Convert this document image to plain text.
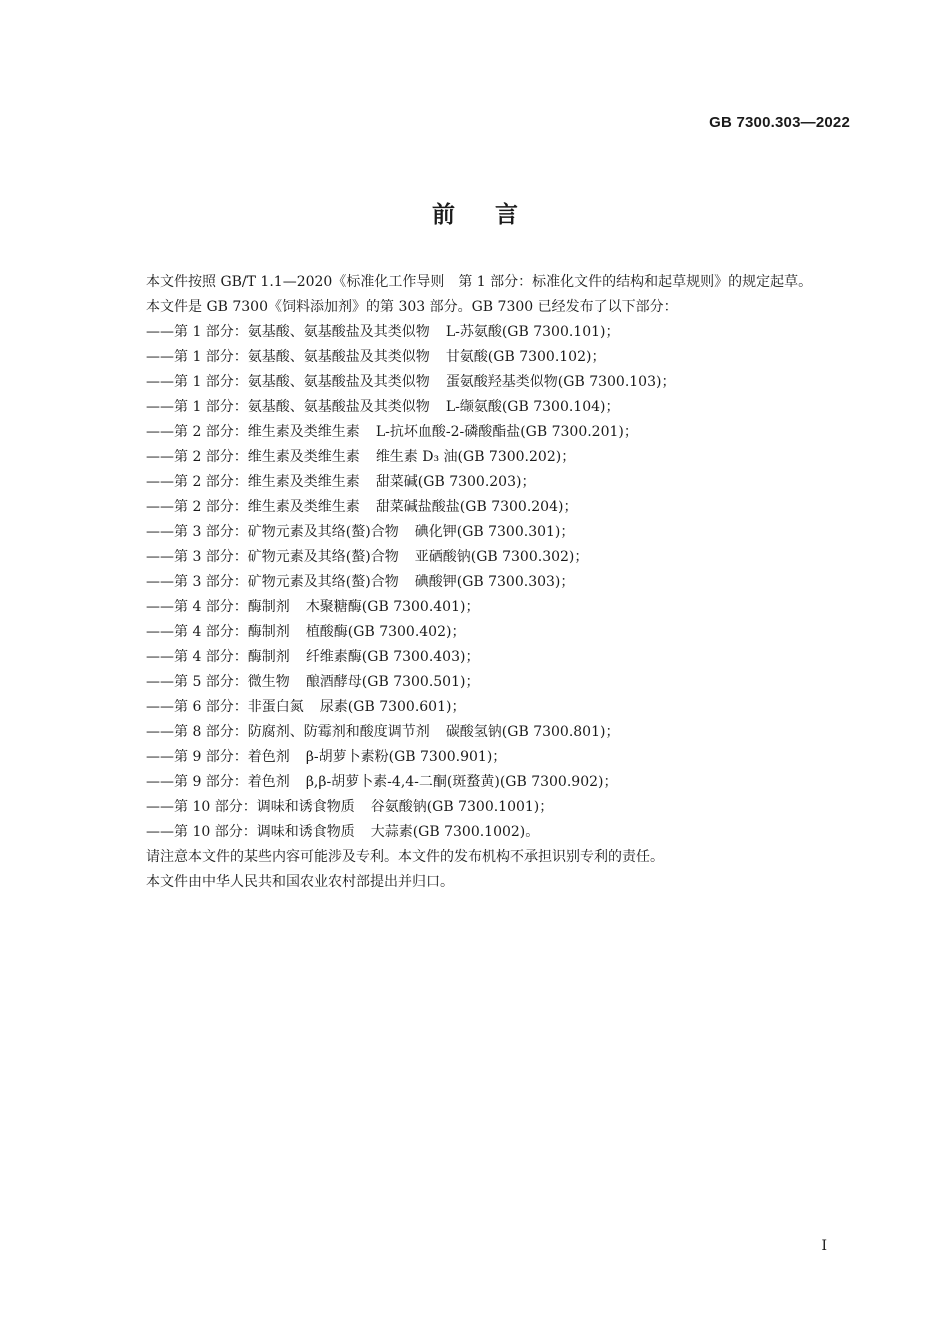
GB 7300.303—2022
前言

本文件按照 GB/T 1.1—2020《标准化工作导则　第 1 部分：标准化文件的结构和起草规则》的规定起草。

本文件是 GB 7300《饲料添加剂》的第 303 部分。GB 7300 已经发布了以下部分：

——第 1 部分：氨基酸、氨基酸盐及其类似物 L-苏氨酸(GB 7300.101)；
——第 1 部分：氨基酸、氨基酸盐及其类似物 甘氨酸(GB 7300.102)；
——第 1 部分：氨基酸、氨基酸盐及其类似物 蛋氨酸羟基类似物(GB 7300.103)；
——第 1 部分：氨基酸、氨基酸盐及其类似物 L-缬氨酸(GB 7300.104)；
——第 2 部分：维生素及类维生素 L-抗坏血酸-2-磷酸酯盐(GB 7300.201)；
——第 2 部分：维生素及类维生素 维生素 D₃ 油(GB 7300.202)；
——第 2 部分：维生素及类维生素 甜菜碱(GB 7300.203)；
——第 2 部分：维生素及类维生素 甜菜碱盐酸盐(GB 7300.204)；
——第 3 部分：矿物元素及其络(螯)合物 碘化钾(GB 7300.301)；
——第 3 部分：矿物元素及其络(螯)合物 亚硒酸钠(GB 7300.302)；
——第 3 部分：矿物元素及其络(螯)合物 碘酸钾(GB 7300.303)；
——第 4 部分：酶制剂 木聚糖酶(GB 7300.401)；
——第 4 部分：酶制剂 植酸酶(GB 7300.402)；
——第 4 部分：酶制剂 纤维素酶(GB 7300.403)；
——第 5 部分：微生物 酿酒酵母(GB 7300.501)；
——第 6 部分：非蛋白氮 尿素(GB 7300.601)；
——第 8 部分：防腐剂、防霉剂和酸度调节剂 碳酸氢钠(GB 7300.801)；
——第 9 部分：着色剂 β-胡萝卜素粉(GB 7300.901)；
——第 9 部分：着色剂 β,β-胡萝卜素-4,4-二酮(斑蝥黄)(GB 7300.902)；
——第 10 部分：调味和诱食物质 谷氨酸钠(GB 7300.1001)；
——第 10 部分：调味和诱食物质 大蒜素(GB 7300.1002)。

请注意本文件的某些内容可能涉及专利。本文件的发布机构不承担识别专利的责任。

本文件由中华人民共和国农业农村部提出并归口。

I
